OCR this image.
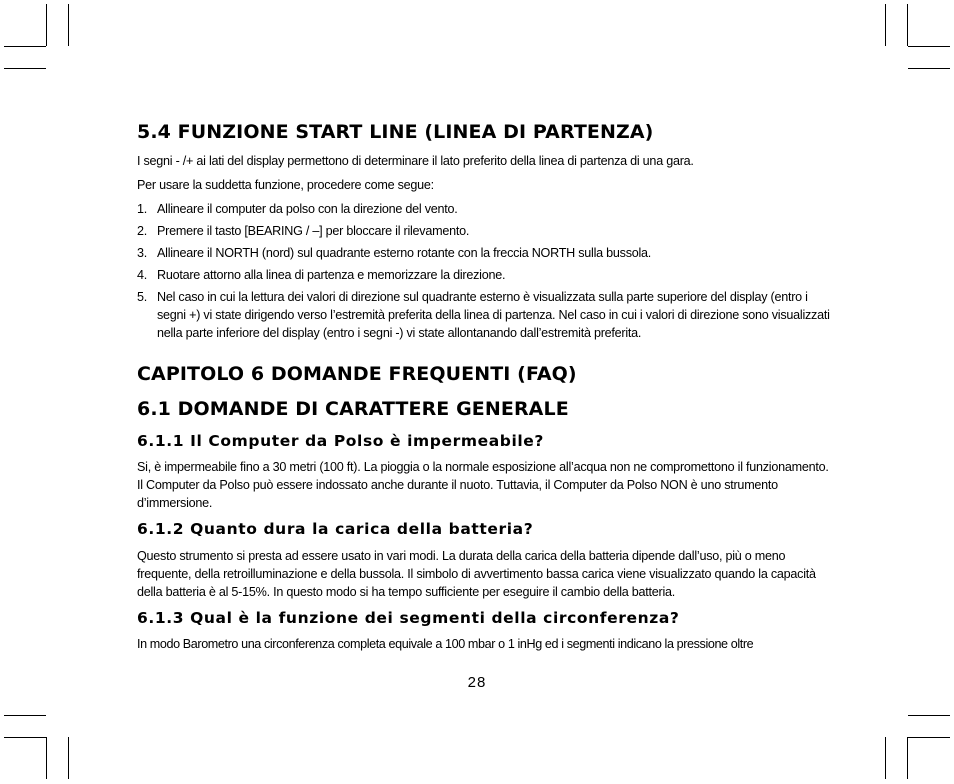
5.4 FUNZIONE START LINE (LINEA DI PARTENZA)

I segni - /+ ai lati del display permettono di determinare il lato preferito della linea di partenza di una gara.

Per usare la suddetta funzione, procedere come segue:

1. Allineare il computer da polso con la direzione del vento.
2. Premere il tasto [BEARING / –] per bloccare il rilevamento.
3. Allineare il NORTH (nord) sul quadrante esterno rotante con la freccia NORTH sulla bussola.
4. Ruotare attorno alla linea di partenza e memorizzare la direzione.
5. Nel caso in cui la lettura dei valori di direzione sul quadrante esterno è visualizzata sulla parte superiore del display (entro i segni +) vi state dirigendo verso l’estremità preferita della linea di partenza. Nel caso in cui i valori di direzione sono visualizzati nella parte inferiore del display (entro i segni -) vi state allontanando dall’estremità preferita.
CAPITOLO 6 DOMANDE FREQUENTI (FAQ)
6.1 DOMANDE DI CARATTERE GENERALE
6.1.1 Il Computer da Polso è impermeabile?

Si, è impermeabile fino a 30 metri (100 ft). La pioggia o la normale esposizione all’acqua non ne compromettono il funzionamento. Il Computer da Polso può essere indossato anche durante il nuoto. Tuttavia, il Computer da Polso NON è uno strumento d’immersione.

6.1.2 Quanto dura la carica della batteria?

Questo strumento si presta ad essere usato in vari modi. La durata della carica della batteria dipende dall’uso, più o meno frequente, della retroilluminazione e della bussola. Il simbolo di avvertimento bassa carica viene visualizzato quando la capacità della batteria è al 5-15%. In questo modo si ha tempo sufficiente per eseguire il cambio della batteria.

6.1.3 Qual è la funzione dei segmenti della circonferenza?

In modo Barometro una circonferenza completa equivale a 100 mbar o 1 inHg ed i segmenti indicano la pressione oltre

28
